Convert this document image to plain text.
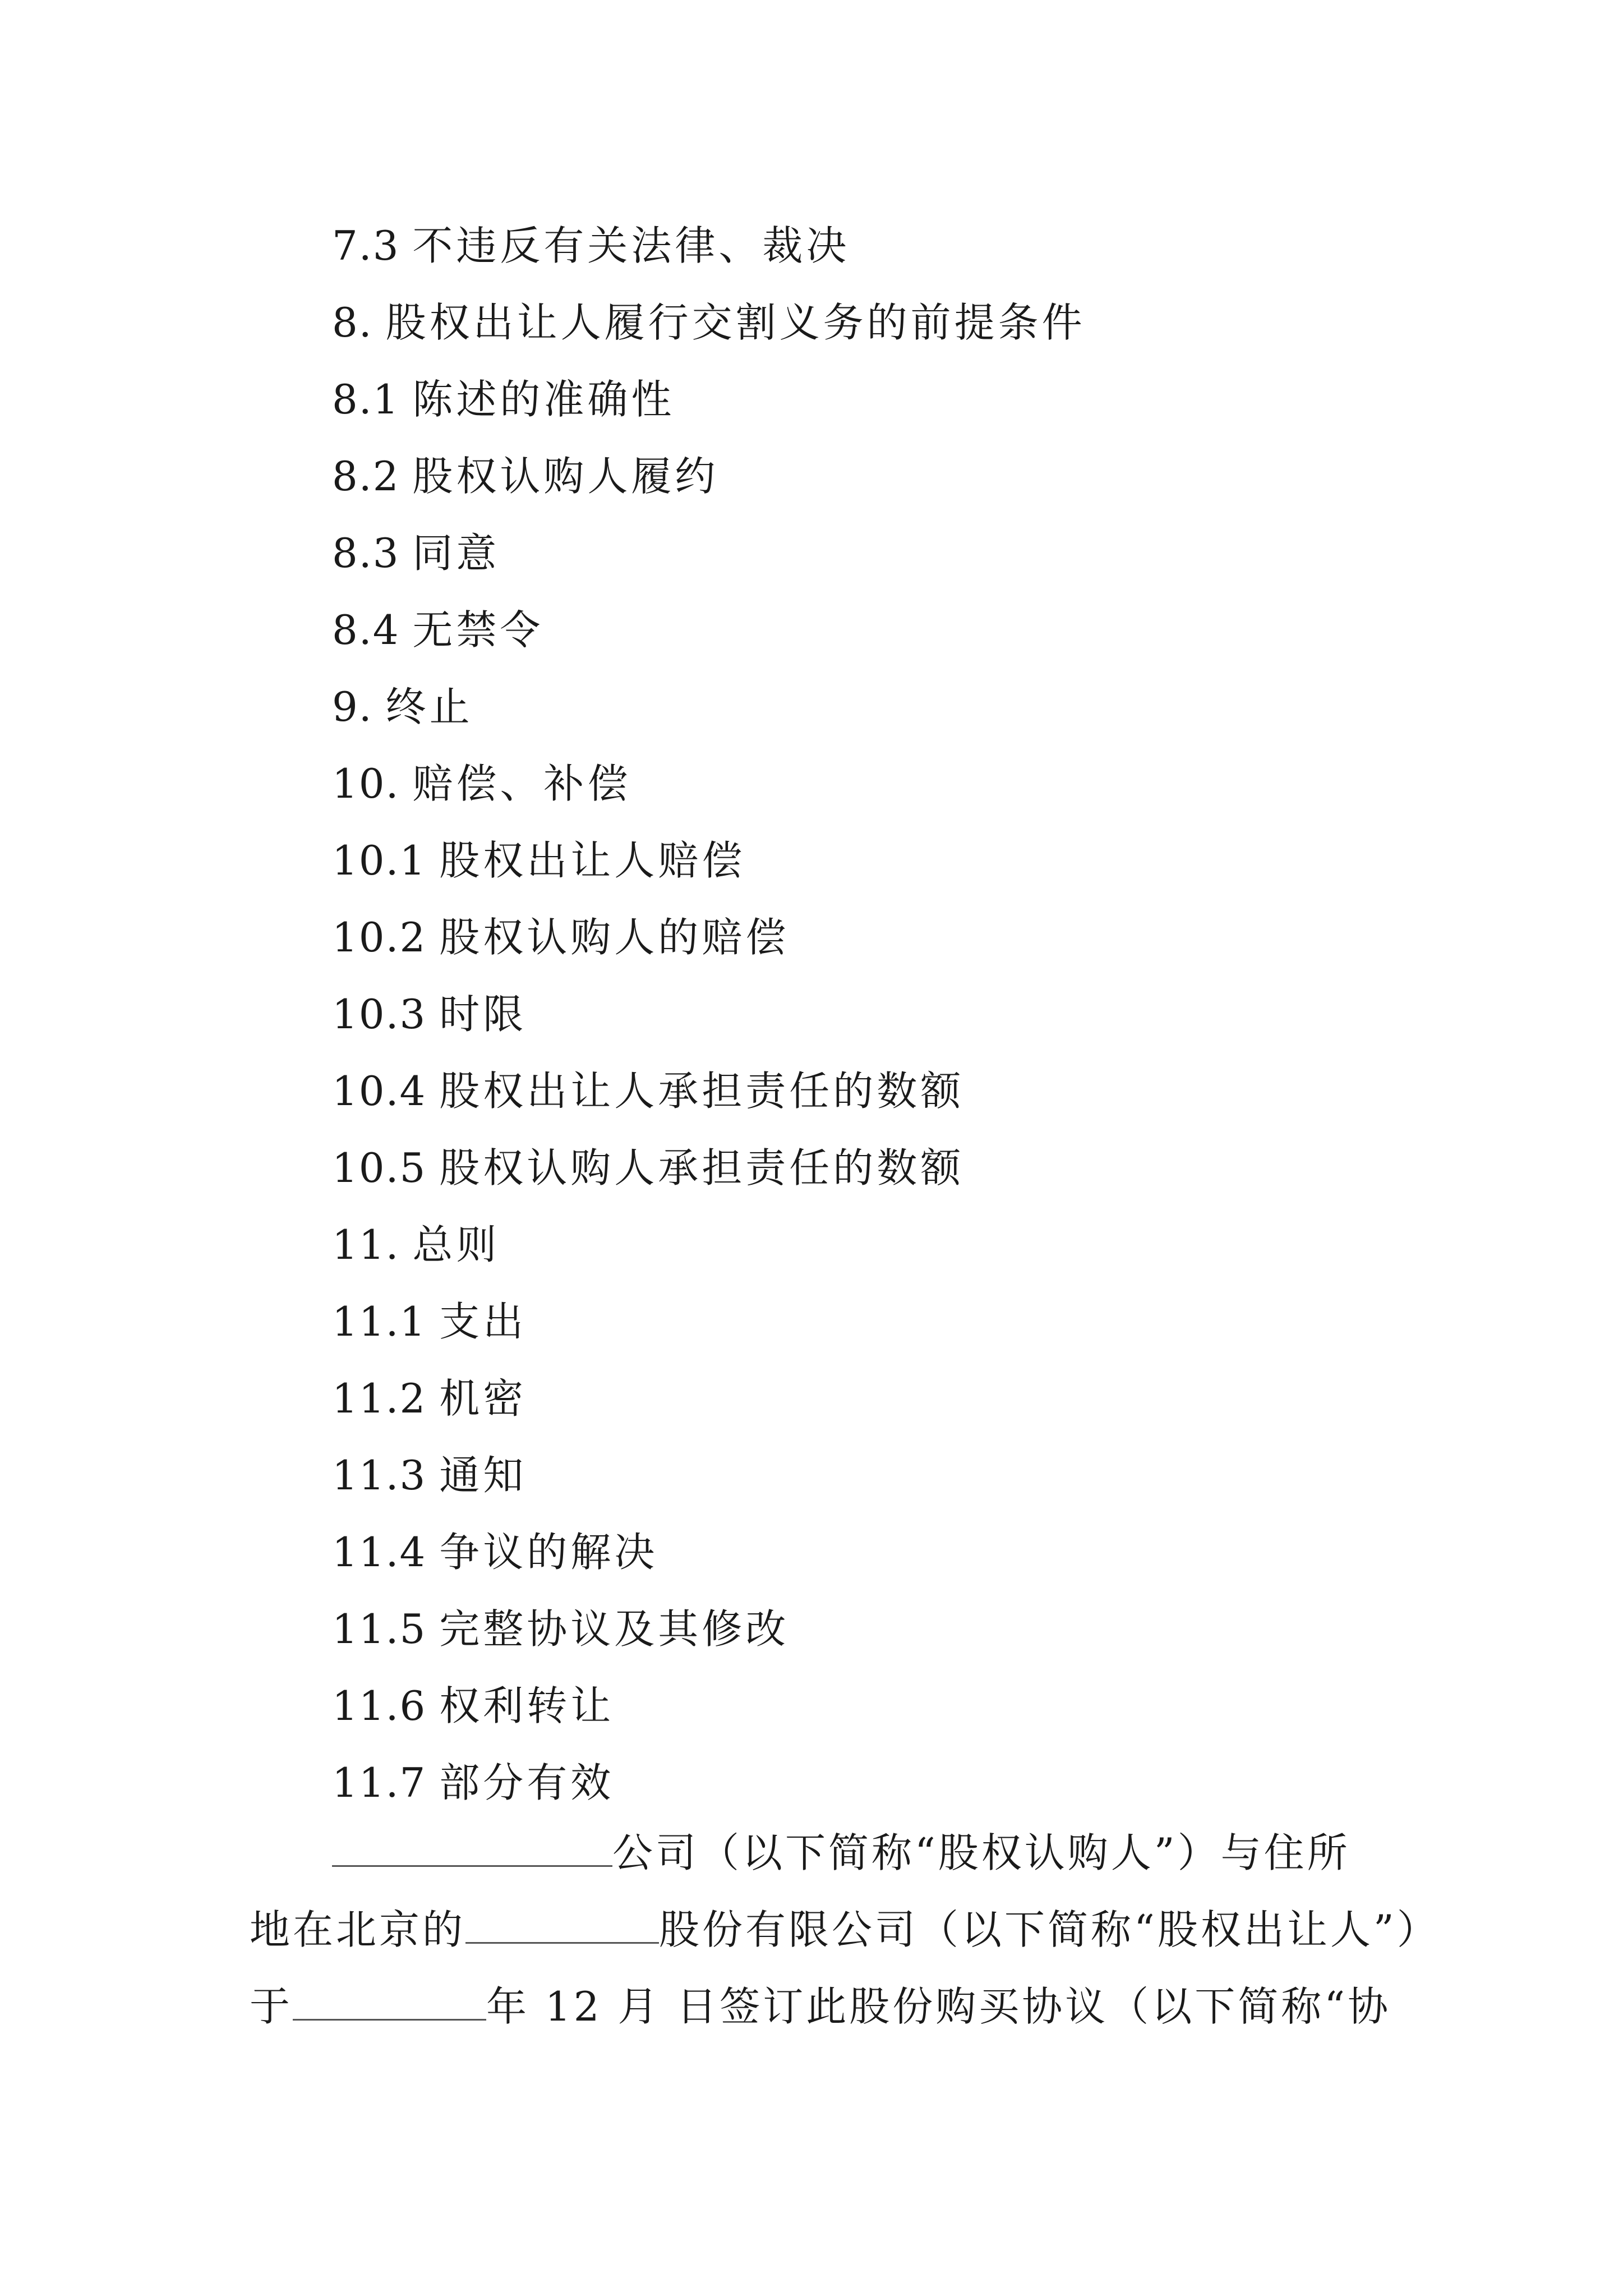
7.3 不违反有关法律、裁决
8. 股权出让人履行交割义务的前提条件
8.1 陈述的准确性
8.2 股权认购人履约
8.3 同意
8.4 无禁令
9. 终止
10. 赔偿、补偿
10.1 股权出让人赔偿
10.2 股权认购人的赔偿
10.3 时限
10.4 股权出让人承担责任的数额
10.5 股权认购人承担责任的数额
11. 总则
11.1 支出
11.2 机密
11.3 通知
11.4 争议的解决
11.5 完整协议及其修改
11.6 权利转让
11.7 部分有效

公司（以下简称“股权认购人”）与住所
地在北京的	股份有限公司（以下简称“股权出让人”）
于	年 12 月 日签订此股份购买协议（以下简称“协
